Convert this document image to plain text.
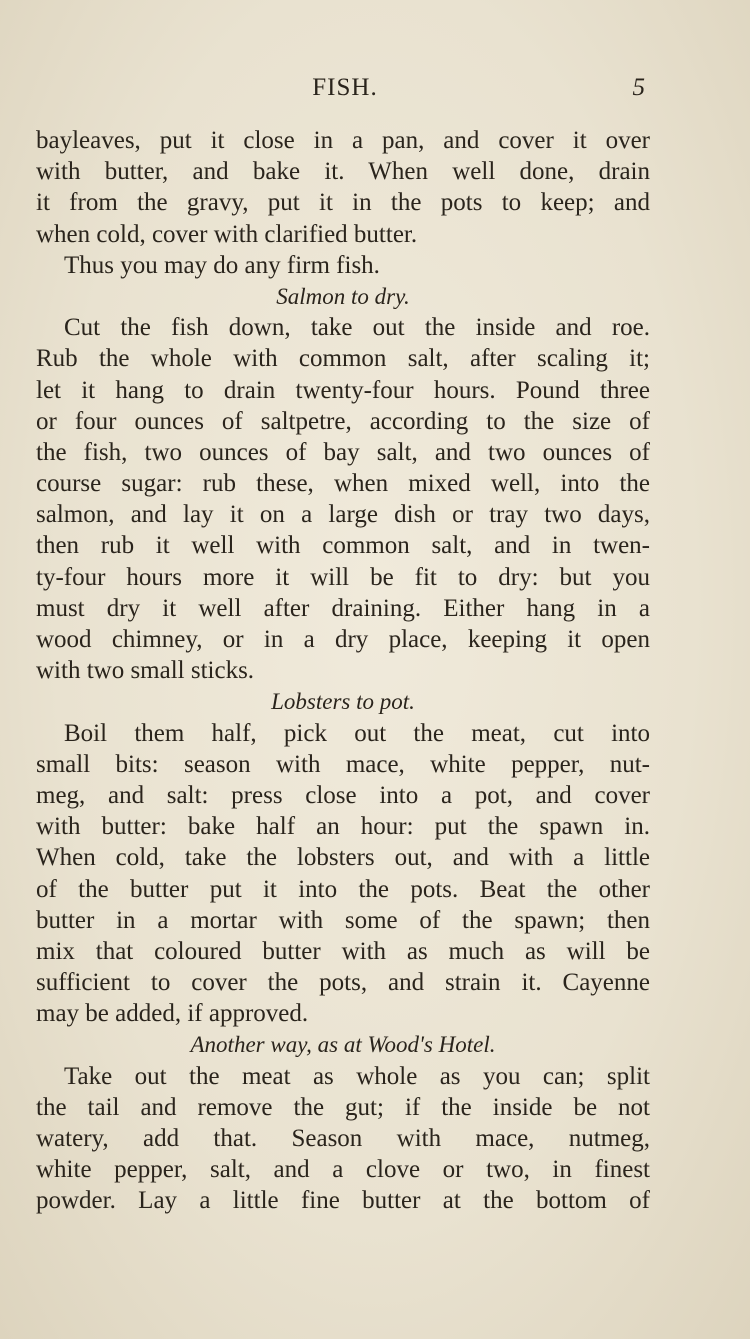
FISH.	5
bayleaves, put it close in a pan, and cover it over
with butter, and bake it. When well done, drain
it from the gravy, put it in the pots to keep; and
when cold, cover with clarified butter.
Thus you may do any firm fish.
Salmon to dry.
Cut the fish down, take out the inside and roe.
Rub the whole with common salt, after scaling it;
let it hang to drain twenty-four hours. Pound three
or four ounces of saltpetre, according to the size of
the fish, two ounces of bay salt, and two ounces of
course sugar: rub these, when mixed well, into the
salmon, and lay it on a large dish or tray two days,
then rub it well with common salt, and in twen-
ty-four hours more it will be fit to dry: but you
must dry it well after draining. Either hang in a
wood chimney, or in a dry place, keeping it open
with two small sticks.
Lobsters to pot.
Boil them half, pick out the meat, cut into
small bits: season with mace, white pepper, nut-
meg, and salt: press close into a pot, and cover
with butter: bake half an hour: put the spawn in.
When cold, take the lobsters out, and with a little
of the butter put it into the pots. Beat the other
butter in a mortar with some of the spawn; then
mix that coloured butter with as much as will be
sufficient to cover the pots, and strain it. Cayenne
may be added, if approved.
Another way, as at Wood's Hotel.
Take out the meat as whole as you can; split
the tail and remove the gut; if the inside be not
watery, add that. Season with mace, nutmeg,
white pepper, salt, and a clove or two, in finest
powder. Lay a little fine butter at the bottom of
